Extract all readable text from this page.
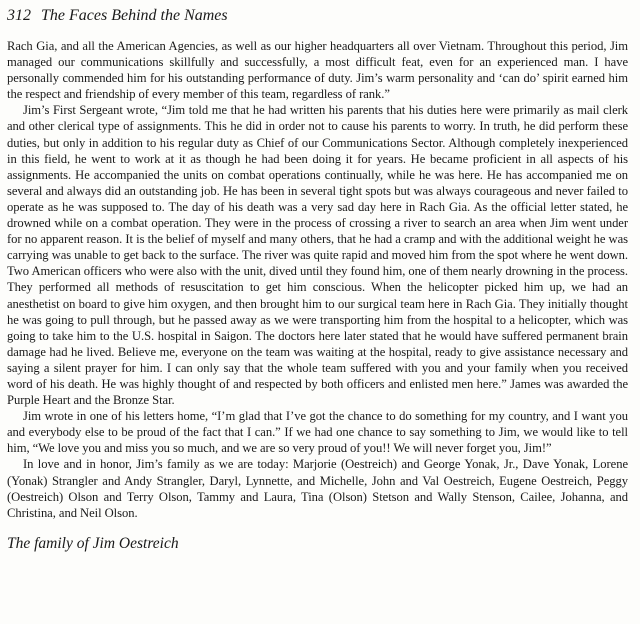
312 The Faces Behind the Names

Rach Gia, and all the American Agencies, as well as our higher headquarters all over Vietnam. Throughout this period, Jim managed our communications skillfully and successfully, a most difficult feat, even for an experienced man. I have personally commended him for his outstanding performance of duty. Jim’s warm personality and ‘can do’ spirit earned him the respect and friendship of every member of this team, regardless of rank.”

Jim’s First Sergeant wrote, “Jim told me that he had written his parents that his duties here were primarily as mail clerk and other clerical type of assignments. This he did in order not to cause his parents to worry. In truth, he did perform these duties, but only in addition to his regular duty as Chief of our Communications Sector. Although completely inexperienced in this field, he went to work at it as though he had been doing it for years. He became proficient in all aspects of his assignments. He accompanied the units on combat operations continually, while he was here. He has accompanied me on several and always did an outstanding job. He has been in several tight spots but was always courageous and never failed to operate as he was supposed to. The day of his death was a very sad day here in Rach Gia. As the official letter stated, he drowned while on a combat operation. They were in the process of crossing a river to search an area when Jim went under for no apparent reason. It is the belief of myself and many others, that he had a cramp and with the additional weight he was carrying was unable to get back to the surface. The river was quite rapid and moved him from the spot where he went down. Two American officers who were also with the unit, dived until they found him, one of them nearly drowning in the process. They performed all methods of resuscitation to get him conscious. When the helicopter picked him up, we had an anesthetist on board to give him oxygen, and then brought him to our surgical team here in Rach Gia. They initially thought he was going to pull through, but he passed away as we were transporting him from the hospital to a helicopter, which was going to take him to the U.S. hospital in Saigon. The doctors here later stated that he would have suffered permanent brain damage had he lived. Believe me, everyone on the team was waiting at the hospital, ready to give assistance necessary and saying a silent prayer for him. I can only say that the whole team suffered with you and your family when you received word of his death. He was highly thought of and respected by both officers and enlisted men here.” James was awarded the Purple Heart and the Bronze Star.

Jim wrote in one of his letters home, “I’m glad that I’ve got the chance to do something for my country, and I want you and everybody else to be proud of the fact that I can.” If we had one chance to say something to Jim, we would like to tell him, “We love you and miss you so much, and we are so very proud of you!! We will never forget you, Jim!”

In love and in honor, Jim’s family as we are today: Marjorie (Oestreich) and George Yonak, Jr., Dave Yonak, Lorene (Yonak) Strangler and Andy Strangler, Daryl, Lynnette, and Michelle, John and Val Oestreich, Eugene Oestreich, Peggy (Oestreich) Olson and Terry Olson, Tammy and Laura, Tina (Olson) Stetson and Wally Stenson, Cailee, Johanna, and Christina, and Neil Olson.

The family of Jim Oestreich
